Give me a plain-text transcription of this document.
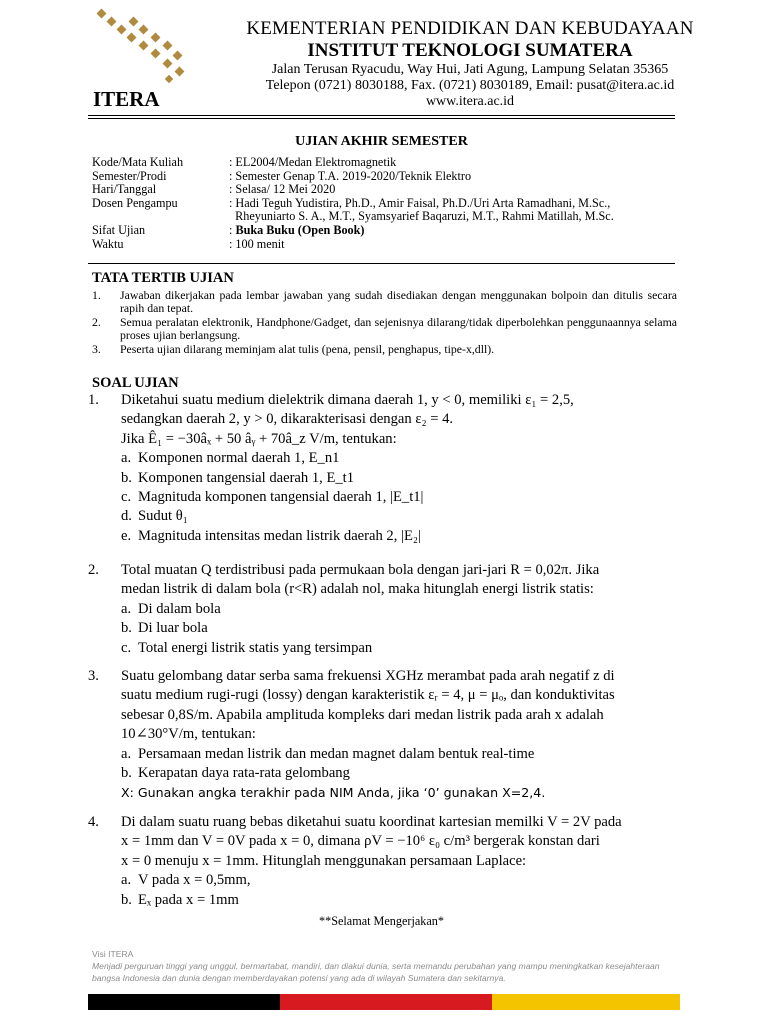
ITERA
KEMENTERIAN PENDIDIKAN DAN KEBUDAYAAN
INSTITUT TEKNOLOGI SUMATERA
Jalan Terusan Ryacudu, Way Hui, Jati Agung, Lampung Selatan 35365
Telepon (0721) 8030188, Fax. (0721) 8030189, Email: pusat@itera.ac.id
www.itera.ac.id
UJIAN AKHIR SEMESTER
Kode/Mata Kuliah	: EL2004/Medan Elektromagnetik
Semester/Prodi	: Semester Genap T.A. 2019-2020/Teknik Elektro
Hari/Tanggal	: Selasa/ 12 Mei 2020
Dosen Pengampu	: Hadi Teguh Yudistira, Ph.D., Amir Faisal, Ph.D./Uri Arta Ramadhani, M.Sc.,
Rheyuniarto S. A., M.T., Syamsyarief Baqaruzi, M.T., Rahmi Matillah, M.Sc.
Sifat Ujian	: Buka Buku (Open Book)
Waktu	: 100 menit
TATA TERTIB UJIAN
1.	Jawaban dikerjakan pada lembar jawaban yang sudah disediakan dengan menggunakan bolpoin dan ditulis secara rapih dan tepat.
2.	Semua peralatan elektronik, Handphone/Gadget, dan sejenisnya dilarang/tidak diperbolehkan penggunaannya selama proses ujian berlangsung.
3.	Peserta ujian dilarang meminjam alat tulis (pena, pensil, penghapus, tipe-x,dll).
SOAL UJIAN
1.	Diketahui suatu medium dielektrik dimana daerah 1, y < 0, memiliki ε₁ = 2,5,
sedangkan daerah 2, y > 0, dikarakterisasi dengan ε₂ = 4.
Jika Ê₁ = −30âₓ + 50 âᵧ + 70â_z V/m, tentukan:
a. Komponen normal daerah 1, E_n1
b. Komponen tangensial daerah 1, E_t1
c. Magnituda komponen tangensial daerah 1, |E_t1|
d. Sudut θ₁
e. Magnituda intensitas medan listrik daerah 2, |E₂|
2.	Total muatan Q terdistribusi pada permukaan bola dengan jari-jari R = 0,02π. Jika
medan listrik di dalam bola (r<R) adalah nol, maka hitunglah energi listrik statis:
a. Di dalam bola
b. Di luar bola
c. Total energi listrik statis yang tersimpan
3.	Suatu gelombang datar serba sama frekuensi XGHz merambat pada arah negatif z di
suatu medium rugi-rugi (lossy) dengan karakteristik εᵣ = 4, μ = μₒ, dan konduktivitas
sebesar 0,8S/m. Apabila amplituda kompleks dari medan listrik pada arah x adalah
10∠30°V/m, tentukan:
a. Persamaan medan listrik dan medan magnet dalam bentuk real-time
b. Kerapatan daya rata-rata gelombang
X: Gunakan angka terakhir pada NIM Anda, jika ‘0’ gunakan X=2,4.
4.	Di dalam suatu ruang bebas diketahui suatu koordinat kartesian memilki V = 2V pada
x = 1mm dan V = 0V pada x = 0, dimana ρV = −10⁶ ε₀ c/m³ bergerak konstan dari
x = 0 menuju x = 1mm. Hitunglah menggunakan persamaan Laplace:
a. V pada x = 0,5mm,
b. Eₓ pada x = 1mm
**Selamat Mengerjakan*
Visi ITERA
Menjadi perguruan tinggi yang unggul, bermartabat, mandiri, dan diakui dunia, serta memandu perubahan yang mampu meningkatkan kesejahteraan bangsa Indonesia dan dunia dengan memberdayakan potensi yang ada di wilayah Sumatera dan sekitarnya.
